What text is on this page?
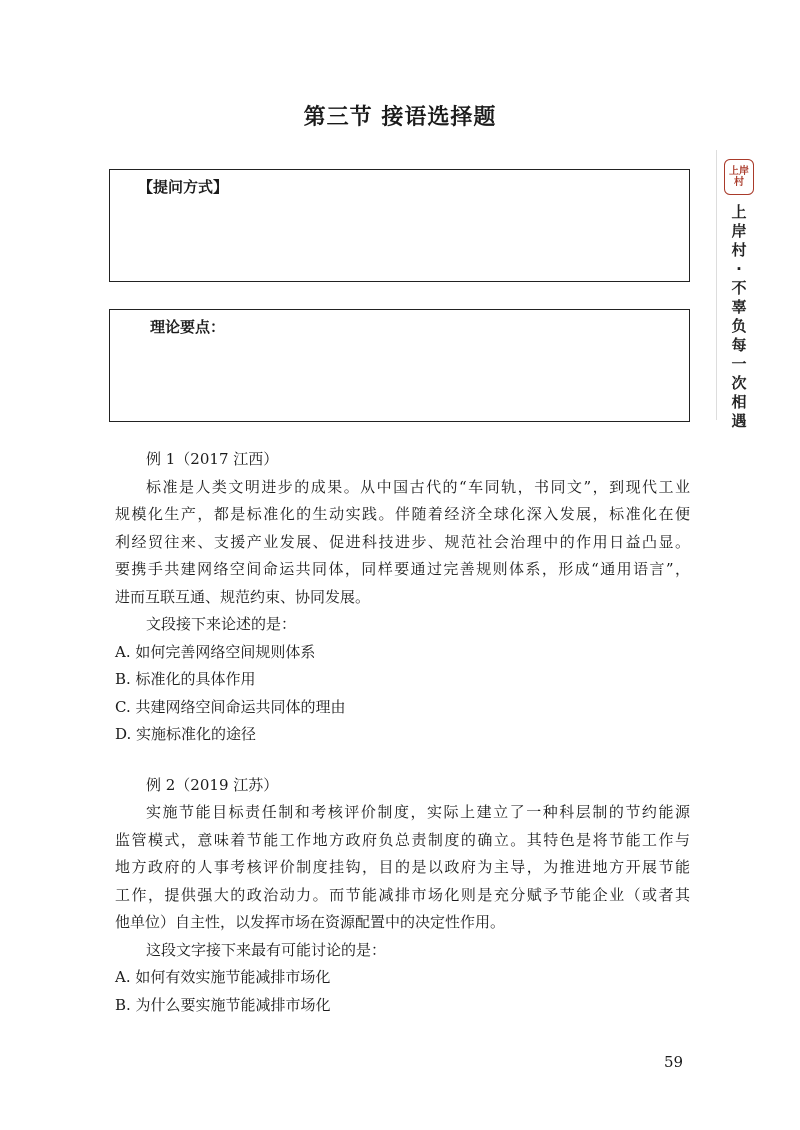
上岸
村
上
岸
村
·
不
辜
负
每
一
次
相
遇
第三节 接语选择题
【提问方式】
理论要点：
例 1（2017 江西）
标准是人类文明进步的成果。从中国古代的“车同轨，书同文”，到现代工业
规模化生产，都是标准化的生动实践。伴随着经济全球化深入发展，标准化在便
利经贸往来、支援产业发展、促进科技进步、规范社会治理中的作用日益凸显。
要携手共建网络空间命运共同体，同样要通过完善规则体系，形成“通用语言”，
进而互联互通、规范约束、协同发展。
文段接下来论述的是：
A. 如何完善网络空间规则体系
B. 标准化的具体作用
C. 共建网络空间命运共同体的理由
D. 实施标准化的途径
例 2（2019 江苏）
实施节能目标责任制和考核评价制度，实际上建立了一种科层制的节约能源
监管模式，意味着节能工作地方政府负总责制度的确立。其特色是将节能工作与
地方政府的人事考核评价制度挂钩，目的是以政府为主导，为推进地方开展节能
工作，提供强大的政治动力。而节能减排市场化则是充分赋予节能企业（或者其
他单位）自主性，以发挥市场在资源配置中的决定性作用。
这段文字接下来最有可能讨论的是：
A. 如何有效实施节能减排市场化
B. 为什么要实施节能减排市场化
59
